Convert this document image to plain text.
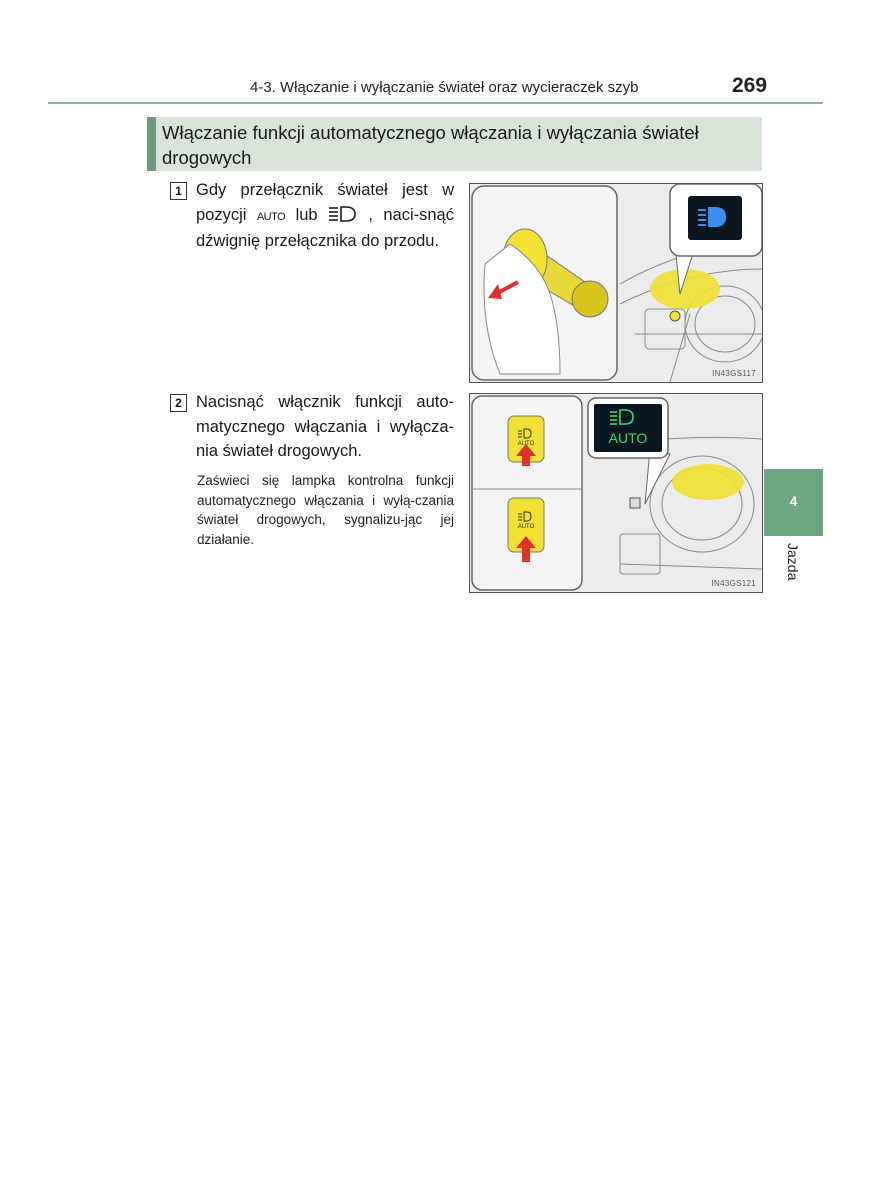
4-3. Włączanie i wyłączanie świateł oraz wycieraczek szyb	269
Włączanie funkcji automatycznego włączania i wyłączania świateł drogowych
1 Gdy przełącznik świateł jest w pozycji AUTO lub	, naci-snąć dźwignię przełącznika do przodu.
IN43GS117
2 Nacisnąć włącznik funkcji auto-matycznego włączania i wyłącza-nia świateł drogowych.
Zaświeci się lampka kontrolna funkcji automatycznego włączania i wyłą-czania świateł drogowych, sygnalizu-jąc jej działanie.
AUTO
AUTO
AUTO
IN43GS121
4
Jazda
